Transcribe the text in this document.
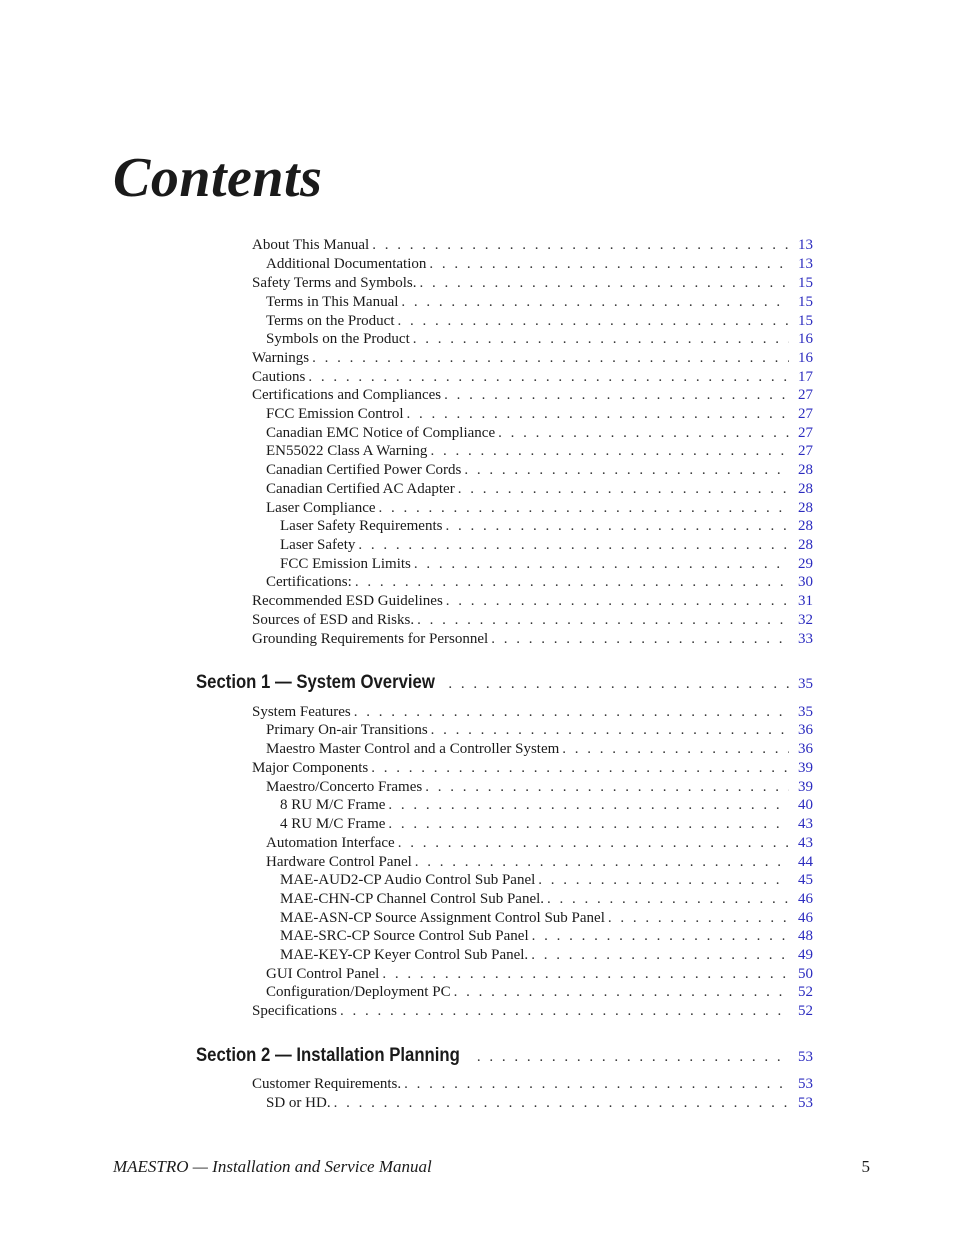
Contents
About This Manual . . .	13
Additional Documentation . . .	13
Safety Terms and Symbols. . . .	15
Terms in This Manual . . .	15
Terms on the Product . . .	15
Symbols on the Product . . .	16
Warnings . . .	16
Cautions . . .	17
Certifications and Compliances . . .	27
FCC Emission Control . . .	27
Canadian EMC Notice of Compliance . . .	27
EN55022 Class A Warning . . .	27
Canadian Certified Power Cords . . .	28
Canadian Certified AC Adapter . . .	28
Laser Compliance . . .	28
Laser Safety Requirements . . .	28
Laser Safety . . .	28
FCC Emission Limits . . .	29
Certifications: . . .	30
Recommended ESD Guidelines . . .	31
Sources of ESD and Risks. . . .	32
Grounding Requirements for Personnel . . .	33
Section 1 — System Overview . . .	35
System Features . . .	35
Primary On-air Transitions . . .	36
Maestro Master Control and a Controller System . . .	36
Major Components . . .	39
Maestro/Concerto Frames . . .	39
8 RU M/C Frame . . .	40
4 RU M/C Frame . . .	43
Automation Interface . . .	43
Hardware Control Panel . . .	44
MAE-AUD2-CP Audio Control Sub Panel . . .	45
MAE-CHN-CP Channel Control Sub Panel. . . .	46
MAE-ASN-CP Source Assignment Control Sub Panel . . .	46
MAE-SRC-CP Source Control Sub Panel . . .	48
MAE-KEY-CP Keyer Control Sub Panel. . . .	49
GUI Control Panel . . .	50
Configuration/Deployment PC . . .	52
Specifications . . .	52
Section 2 — Installation Planning . . .	53
Customer Requirements. . . .	53
SD or HD. . . .	53
MAESTRO — Installation and Service Manual	5
